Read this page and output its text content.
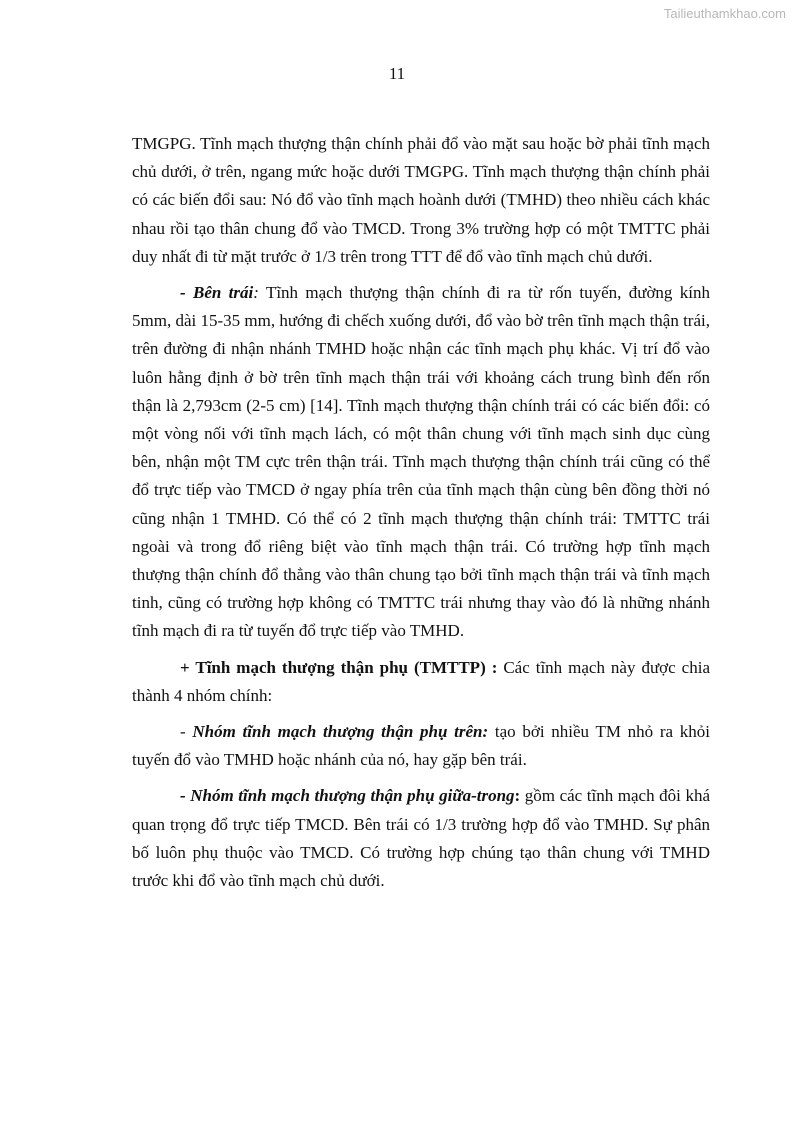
Tailieuthamkhao.com
11

TMGPG. Tĩnh mạch thượng thận chính phải đổ vào mặt sau hoặc bờ phải tĩnh mạch chủ dưới, ở trên, ngang mức hoặc dưới TMGPG. Tĩnh mạch thượng thận chính phải có các biến đổi sau: Nó đổ vào tĩnh mạch hoành dưới (TMHD) theo nhiều cách khác nhau rồi tạo thân chung đổ vào TMCD. Trong 3% trường hợp có một TMTTC phải duy nhất đi từ mặt trước ở 1/3 trên trong TTT để đổ vào tĩnh mạch chủ dưới.

- Bên trái: Tĩnh mạch thượng thận chính đi ra từ rốn tuyến, đường kính 5mm, dài 15-35 mm, hướng đi chếch xuống dưới, đổ vào bờ trên tĩnh mạch thận trái, trên đường đi nhận nhánh TMHD hoặc nhận các tĩnh mạch phụ khác. Vị trí đổ vào luôn hằng định ở bờ trên tĩnh mạch thận trái với khoảng cách trung bình đến rốn thận là 2,793cm (2-5 cm) [14]. Tĩnh mạch thượng thận chính trái có các biến đổi: có một vòng nối với tĩnh mạch lách, có một thân chung với tĩnh mạch sinh dục cùng bên, nhận một TM cực trên thận trái. Tĩnh mạch thượng thận chính trái cũng có thể đổ trực tiếp vào TMCD ở ngay phía trên của tĩnh mạch thận cùng bên đồng thời nó cũng nhận 1 TMHD. Có thể có 2 tĩnh mạch thượng thận chính trái: TMTTC trái ngoài và trong đổ riêng biệt vào tĩnh mạch thận trái. Có trường hợp tĩnh mạch thượng thận chính đổ thẳng vào thân chung tạo bởi tĩnh mạch thận trái và tĩnh mạch tinh, cũng có trường hợp không có TMTTC trái nhưng thay vào đó là những nhánh tĩnh mạch đi ra từ tuyến đổ trực tiếp vào TMHD.

+ Tĩnh mạch thượng thận phụ (TMTTP) : Các tĩnh mạch này được chia thành 4 nhóm chính:

- Nhóm tĩnh mạch thượng thận phụ trên: tạo bởi nhiều TM nhỏ ra khỏi tuyến đổ vào TMHD hoặc nhánh của nó, hay gặp bên trái.

- Nhóm tĩnh mạch thượng thận phụ giữa-trong: gồm các tĩnh mạch đôi khá quan trọng đổ trực tiếp TMCD. Bên trái có 1/3 trường hợp đổ vào TMHD. Sự phân bố luôn phụ thuộc vào TMCD. Có trường hợp chúng tạo thân chung với TMHD trước khi đổ vào tĩnh mạch chủ dưới.
